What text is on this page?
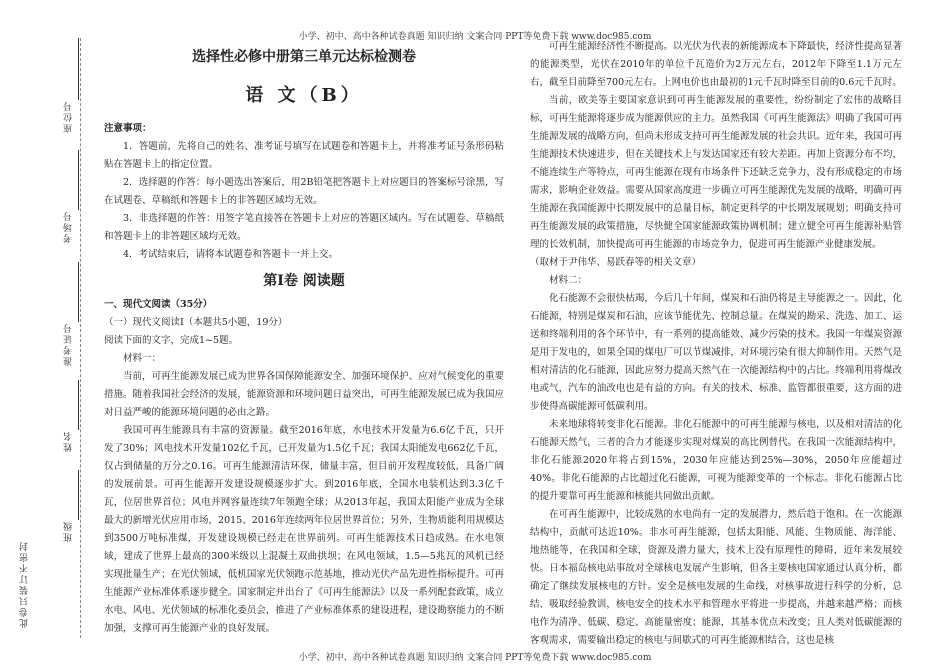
小学、初中、高中各种试卷真题 知识归纳 文案合同 PPT等免费下载 www.doc985.com
座位号
考场号
准考证号
姓名
班级
此卷只装订不密封
选择性必修中册第三单元达标检测卷
语 文（B）
注意事项：

1．答题前，先将自己的姓名、准考证号填写在试题卷和答题卡上，并将准考证号条形码粘贴在答题卡上的指定位置。

2．选择题的作答：每小题选出答案后，用2B铅笔把答题卡上对应题目的答案标号涂黑，写在试题卷、草稿纸和答题卡上的非答题区域均无效。

3．非选择题的作答：用签字笔直接答在答题卡上对应的答题区域内。写在试题卷、草稿纸和答题卡上的非答题区域均无效。

4．考试结束后，请将本试题卷和答题卡一并上交。

第Ⅰ卷 阅读题

一、现代文阅读（35分）

（一）现代文阅读Ⅰ（本题共5小题，19分）

阅读下面的文字，完成1~5题。

材料一：

当前，可再生能源发展已成为世界各国保障能源安全、加强环境保护、应对气候变化的重要措施。随着我国社会经济的发展，能源资源和环境问题日益突出，可再生能源发展已成为我国应对日益严峻的能源环境问题的必由之路。

我国可再生能源具有丰富的资源量。截至2016年底，水电技术开发量为6.6亿千瓦，只开发了30%；风电技术开发量102亿千瓦，已开发量为1.5亿千瓦；我国太阳能发电662亿千瓦，仅占到储量的万分之0.16。可再生能源清洁环保，储量丰富，但目前开发程度较低，具备广阔的发展前景。可再生能源开发建设规模逐步扩大。到2016年底，全国水电装机达到3.3亿千瓦，位居世界首位；风电并网容量连续7年领跑全球；从2013年起，我国太阳能产业成为全球最大的新增光伏应用市场，2015、2016年连续两年位居世界首位；另外，生物质能利用规模达到3500万吨标准煤，开发建设规模已经走在世界前列。可再生能源技术日趋成熟。在水电领域，建成了世界上最高的300米级以上混凝土双曲拱坝；在风电领域，1.5—5兆瓦的风机已经实现批量生产；在光伏领域，低机国家光伏领跑示范基地，推动光伏产品先进性指标提升。可再生能源产业标准体系逐步健全。国家制定并出台了《可再生能源法》以及一系列配套政策，成立水电、风电、光伏领域的标准化委员会，推进了产业标准体系的建设进程，建设勘察能力的不断加强，支撑可再生能源产业的良好发展。

可再生能源经济性不断提高。以光伏为代表的新能源成本下降最快，经济性提高显著的能源类型，光伏在2010年的单位千瓦造价为2万元左右，2012年下降至1.1万元左右，截至目前降至700元左右。上网电价也由最初的1元千瓦时降至目前的0.6元千瓦时。

当前，欧美等主要国家意识到可再生能源发展的重要性，纷纷制定了宏伟的战略目标，可再生能源将逐步成为能源供应的主力。虽然我国《可再生能源法》明确了我国可再生能源发展的战略方向，但尚未形成支持可再生能源发展的社会共识。近年来，我国可再生能源技术快速进步，但在关键技术上与发达国家还有较大差距。再加上资源分布不均，不能连续生产等特点，可再生能源在现有市场条件下还缺乏竞争力，没有形成稳定的市场需求，影响企业效益。需要从国家高度进一步确立可再生能源优先发展的战略，明确可再生能源在我国能源中长期发展中的总量目标，制定更科学的中长期发展规划；明确支持可再生能源发展的政策措施，尽快健全国家能源政策协调机制；建立健全可再生能源补贴管理的长效机制，加快提高可再生能源的市场竞争力，促进可再生能源产业健康发展。

（取材于尹伟华、易跃春等的相关文章）

材料二：

化石能源不会很快枯竭，今后几十年间，煤炭和石油仍将是主导能源之一。因此，化石能源，特别是煤炭和石油，应该节能优先、控制总量。在煤炭的勘采、洗选、加工、运送和终端利用的各个环节中，有一系列的提高能效、减少污染的技术。我国一年煤炭资源是用于发电的，如果全国的煤电厂可以节煤减排，对环境污染有很大抑制作用。天然气是相对清洁的化石能源，因此应努力提高天然气在一次能源结构中的占比。终端利用将煤改电或气，汽车的油改电也是有益的方向。有关的技术、标准、监管都很重要，这方面的进步使得高碳能源可低碳利用。

未来地球将转变非化石能源。非化石能源中的可再生能源与核电，以及相对清洁的化石能源天然气，三者的合力才能逐步实现对煤炭的高比例替代。在我国一次能源结构中，非化石能源2020年将占到15%，2030年应能达到25%—30%，2050年应能超过40%。非化石能源的占比超过化石能源，可视为能源变革的一个标志。非化石能源占比的提升要靠可再生能源和核能共同做出贡献。

在可再生能源中，比较成熟的水电尚有一定的发展潜力，然后趋于饱和。在一次能源结构中，贡献可达近10%。非水可再生能源，包括太阳能、风能、生物质能、海洋能、地热能等，在我国和全球，资源及潜力量大，技术上没有原理性的障碍，近年来发展较快。日本福岛核电站事故对全球核电发展产生影响，但各主要核电国家通过认真分析，都确定了继续发展核电的方针。安全是核电发展的生命线，对核事故进行科学的分析，总结、吸取经验教训，核电安全的技术水平和管理水平将进一步提高，并越来越严格；而核电作为清净、低碳、稳定、高能量密度；能源，其基本优点未改变；且人类对低碳能源的客观需求，需要输出稳定的核电与间歇式的可再生能源相结合，这也是核

小学、初中、高中各种试卷真题 知识归纳 文案合同 PPT等免费下载 www.doc985.com
